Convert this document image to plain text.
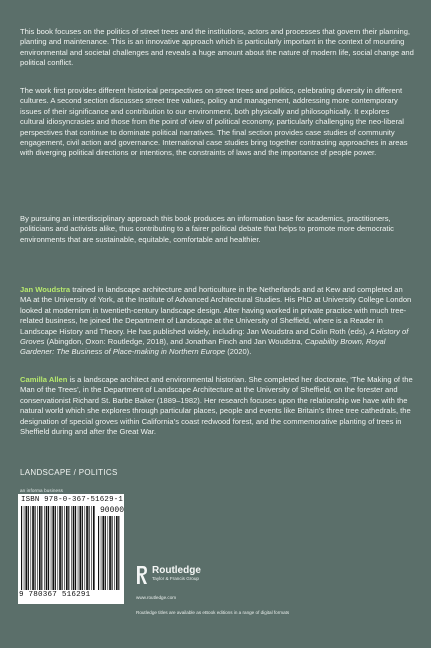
This book focuses on the politics of street trees and the institutions, actors and processes that govern their planning, planting and maintenance. This is an innovative approach which is particularly important in the context of mounting environmental and societal challenges and reveals a huge amount about the nature of modern life, social change and political conflict.

The work first provides different historical perspectives on street trees and politics, celebrating diversity in different cultures. A second section discusses street tree values, policy and management, addressing more contemporary issues of their significance and contribution to our environment, both physically and philosophically. It explores cultural idiosyncrasies and those from the point of view of political economy, particularly challenging the neo-liberal perspectives that continue to dominate political narratives. The final section provides case studies of community engagement, civil action and governance. International case studies bring together contrasting approaches in areas with diverging political directions or intentions, the constraints of laws and the importance of people power.

By pursuing an interdisciplinary approach this book produces an information base for academics, practitioners, politicians and activists alike, thus contributing to a fairer political debate that helps to promote more democratic environments that are sustainable, equitable, comfortable and healthier.

Jan Woudstra trained in landscape architecture and horticulture in the Netherlands and at Kew and completed an MA at the University of York, at the Institute of Advanced Architectural Studies. His PhD at University College London looked at modernism in twentieth-century landscape design. After having worked in private practice with much tree-related business, he joined the Department of Landscape at the University of Sheffield, where is a Reader in Landscape History and Theory. He has published widely, including: Jan Woudstra and Colin Roth (eds), A History of Groves (Abingdon, Oxon: Routledge, 2018), and Jonathan Finch and Jan Woudstra, Capability Brown, Royal Gardener: The Business of Place-making in Northern Europe (2020).

Camilla Allen is a landscape architect and environmental historian. She completed her doctorate, ‘The Making of the Man of the Trees’, in the Department of Landscape Architecture at the University of Sheffield, on the forester and conservationist Richard St. Barbe Baker (1889–1982). Her research focuses upon the relationship we have with the natural world which she explores through particular places, people and events like Britain’s three tree cathedrals, the designation of special groves within California’s coast redwood forest, and the commemorative planting of trees in Sheffield during and after the Great War.

LANDSCAPE / POLITICS
an informa business
ISBN 978-0-367-51629-1
90000
9 780367 516291
Routledge
Taylor & Francis Group
www.routledge.com
Routledge titles are available as eBook editions in a range of digital formats
